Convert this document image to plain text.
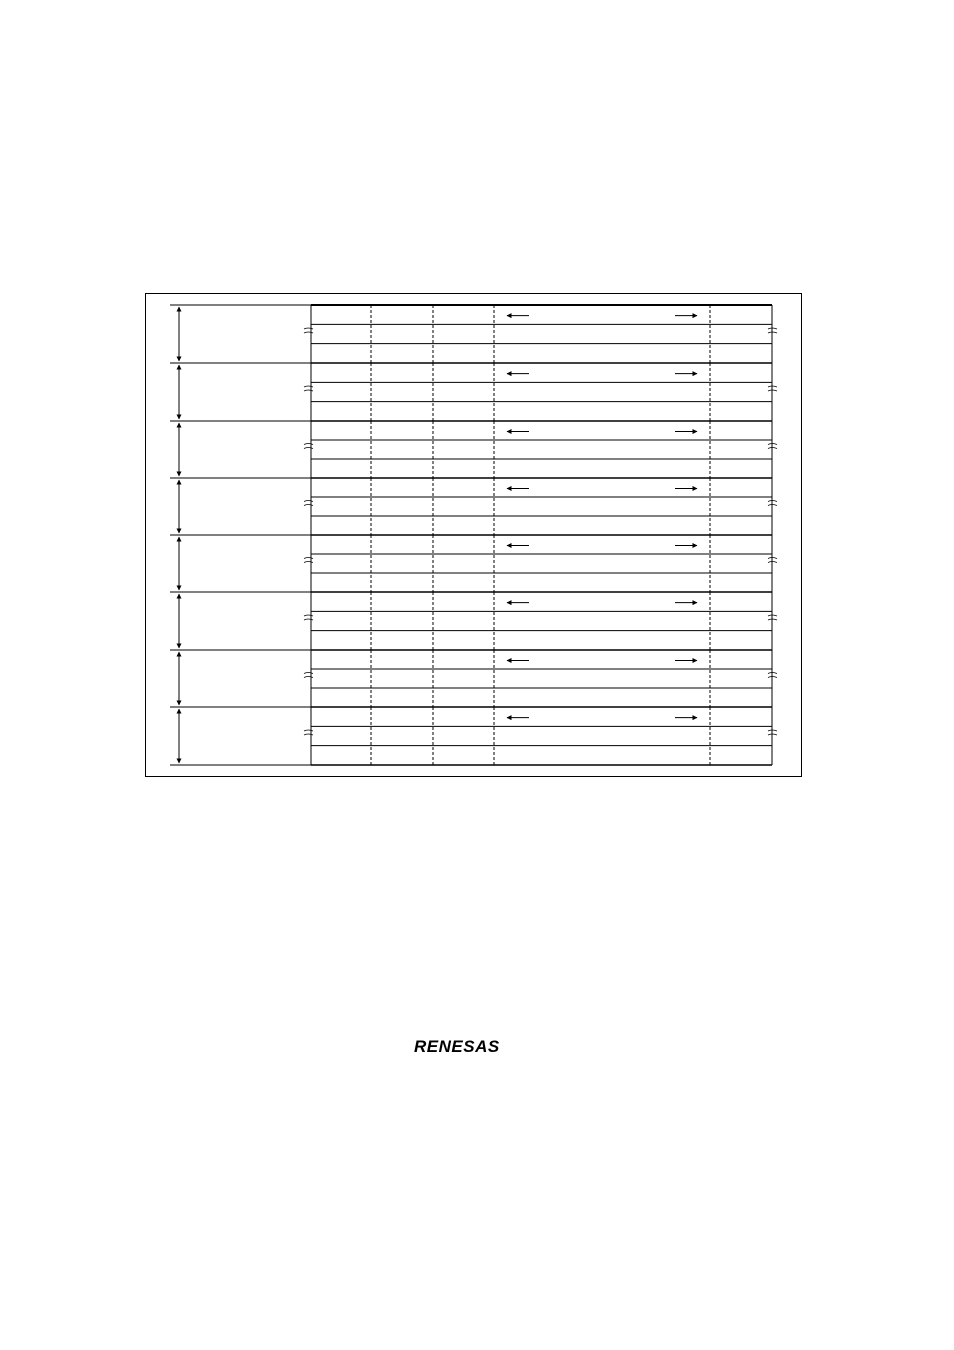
RENESAS
